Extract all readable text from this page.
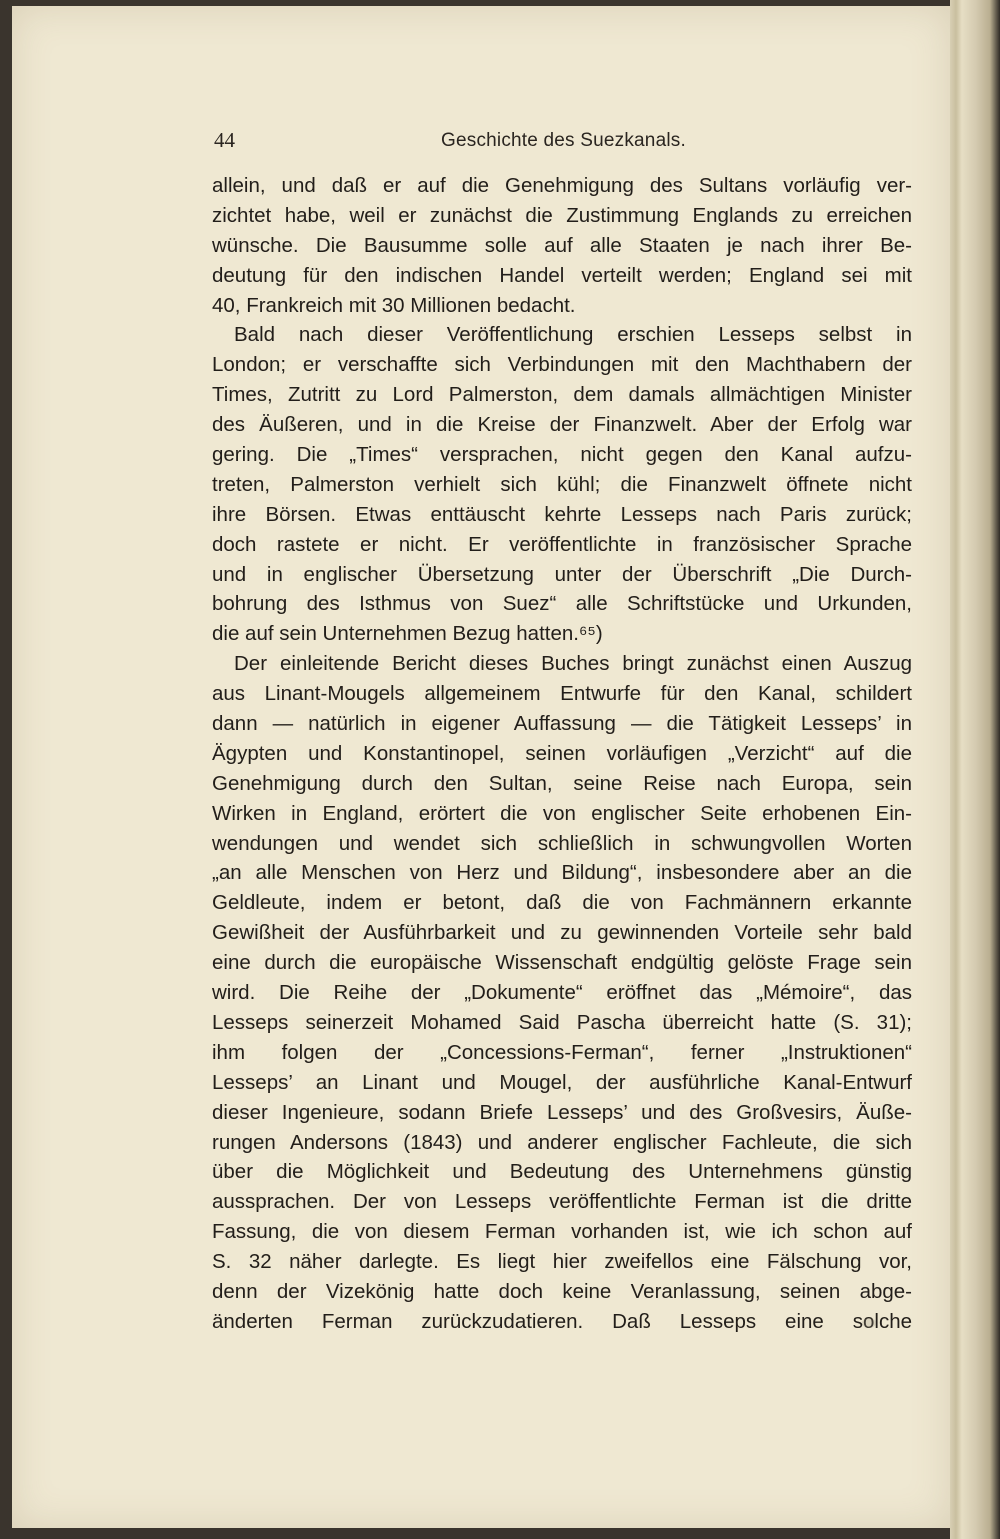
44	Geschichte des Suezkanals.
allein, und daß er auf die Genehmigung des Sultans vorläufig ver-
zichtet habe, weil er zunächst die Zustimmung Englands zu erreichen
wünsche. Die Bausumme solle auf alle Staaten je nach ihrer Be-
deutung für den indischen Handel verteilt werden; England sei mit
40, Frankreich mit 30 Millionen bedacht.
Bald nach dieser Veröffentlichung erschien Lesseps selbst in
London; er verschaffte sich Verbindungen mit den Machthabern der
Times, Zutritt zu Lord Palmerston, dem damals allmächtigen Minister
des Äußeren, und in die Kreise der Finanzwelt. Aber der Erfolg war
gering. Die „Times“ versprachen, nicht gegen den Kanal aufzu-
treten, Palmerston verhielt sich kühl; die Finanzwelt öffnete nicht
ihre Börsen. Etwas enttäuscht kehrte Lesseps nach Paris zurück;
doch rastete er nicht. Er veröffentlichte in französischer Sprache
und in englischer Übersetzung unter der Überschrift „Die Durch-
bohrung des Isthmus von Suez“ alle Schriftstücke und Urkunden,
die auf sein Unternehmen Bezug hatten.⁶⁵)
Der einleitende Bericht dieses Buches bringt zunächst einen Auszug
aus Linant-Mougels allgemeinem Entwurfe für den Kanal, schildert
dann — natürlich in eigener Auffassung — die Tätigkeit Lesseps’ in
Ägypten und Konstantinopel, seinen vorläufigen „Verzicht“ auf die
Genehmigung durch den Sultan, seine Reise nach Europa, sein
Wirken in England, erörtert die von englischer Seite erhobenen Ein-
wendungen und wendet sich schließlich in schwungvollen Worten
„an alle Menschen von Herz und Bildung“, insbesondere aber an die
Geldleute, indem er betont, daß die von Fachmännern erkannte
Gewißheit der Ausführbarkeit und zu gewinnenden Vorteile sehr bald
eine durch die europäische Wissenschaft endgültig gelöste Frage sein
wird. Die Reihe der „Dokumente“ eröffnet das „Mémoire“, das
Lesseps seinerzeit Mohamed Said Pascha überreicht hatte (S. 31);
ihm folgen der „Concessions-Ferman“, ferner „Instruktionen“
Lesseps’ an Linant und Mougel, der ausführliche Kanal-Entwurf
dieser Ingenieure, sodann Briefe Lesseps’ und des Großvesirs, Äuße-
rungen Andersons (1843) und anderer englischer Fachleute, die sich
über die Möglichkeit und Bedeutung des Unternehmens günstig
aussprachen. Der von Lesseps veröffentlichte Ferman ist die dritte
Fassung, die von diesem Ferman vorhanden ist, wie ich schon auf
S. 32 näher darlegte. Es liegt hier zweifellos eine Fälschung vor,
denn der Vizekönig hatte doch keine Veranlassung, seinen abge-
änderten Ferman zurückzudatieren. Daß Lesseps eine solche
